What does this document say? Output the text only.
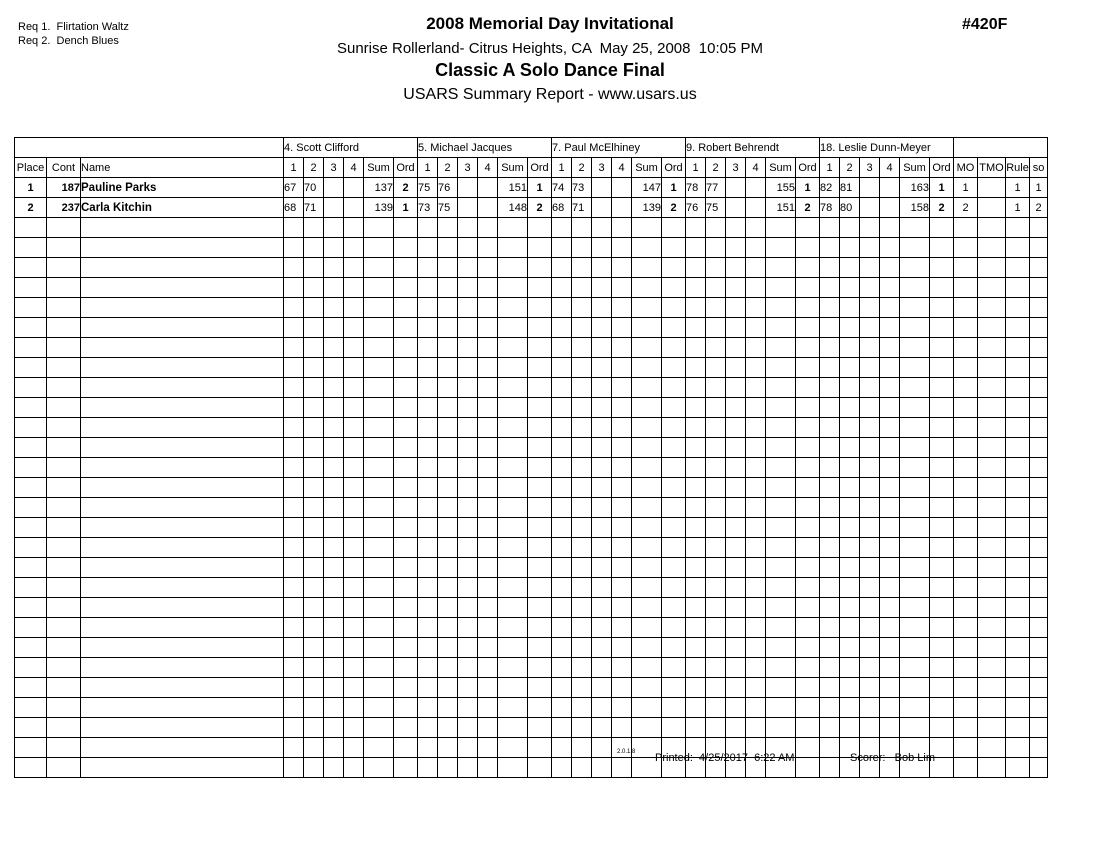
Req 1.  Flirtation Waltz
Req 2.  Dench Blues
#420F
2008 Memorial Day Invitational
Sunrise Rollerland- Citrus Heights, CA  May 25, 2008  10:05 PM
Classic A Solo Dance Final
USARS Summary Report - www.usars.us
			4. Scott Clifford						5. Michael Jacques						7. Paul McElhiney						9. Robert Behrendt						18. Leslie Dunn-Meyer									
Place	Cont	Name	1	2	3	4	Sum	Ord	1	2	3	4	Sum	Ord	1	2	3	4	Sum	Ord	1	2	3	4	Sum	Ord	1	2	3	4	Sum	Ord	MO	TMO	Rule	so
1	187	Pauline Parks	67	70			137	2	75	76			151	1	74	73			147	1	78	77			155	1	82	81			163	1	1		1	1
2	237	Carla Kitchin	68	71			139	1	73	75			148	2	68	71			139	2	76	75			151	2	78	80			158	2	2		1	2

2.0.1.8 Printed: 4/25/2017  6:22 AM	Scorer: Bob Lim
